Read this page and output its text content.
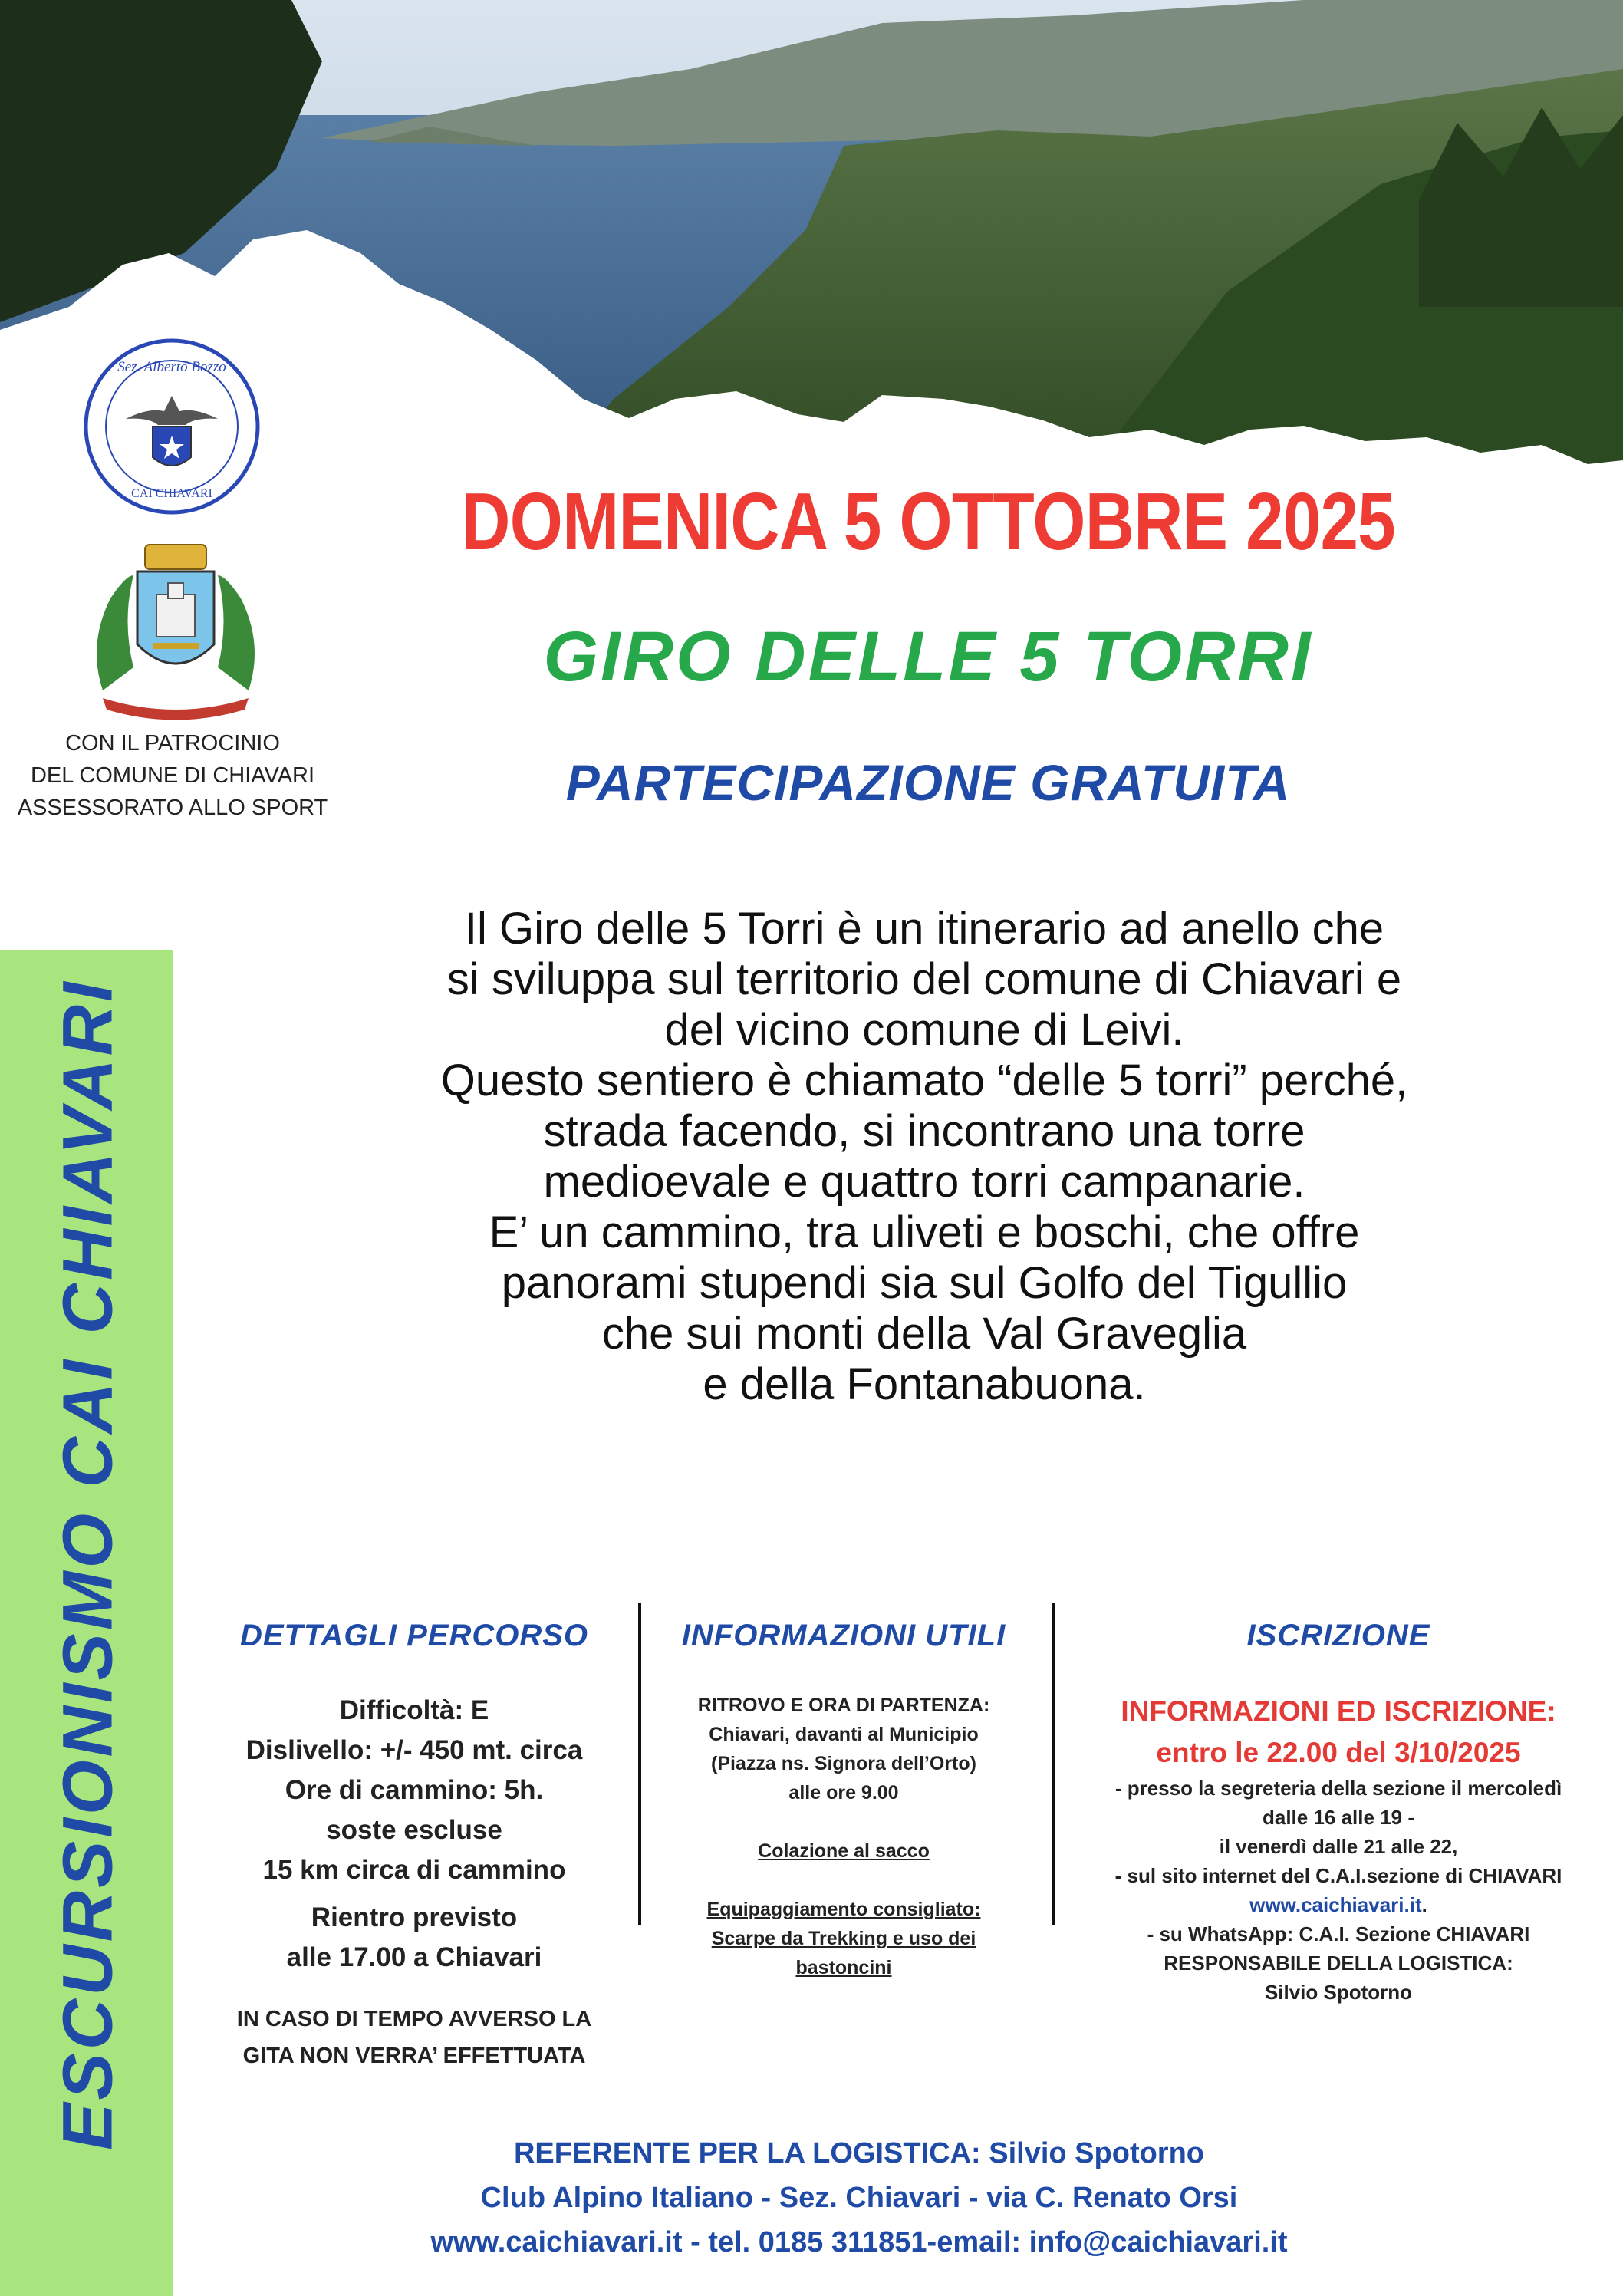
Sez. Alberto Bozzo
CAI CHIAVARI
CON IL PATROCINIO
DEL COMUNE DI CHIAVARI
ASSESSORATO ALLO SPORT
DOMENICA 5 OTTOBRE 2025
GIRO DELLE 5 TORRI
PARTECIPAZIONE GRATUITA
ESCURSIONISMO CAI CHIAVARI
Il Giro delle 5 Torri è un itinerario ad anello che
si sviluppa sul territorio del comune di Chiavari e
del vicino comune di Leivi.
Questo sentiero è chiamato “delle 5 torri” perché,
strada facendo, si incontrano una torre
medioevale e quattro torri campanarie.
E’ un cammino, tra uliveti e boschi, che offre
panorami stupendi sia sul Golfo del Tigullio
che sui monti della Val Graveglia
e della Fontanabuona.
DETTAGLI PERCORSO
Difficoltà: E
Dislivello: +/- 450 mt. circa
Ore di cammino: 5h.
soste escluse
15 km circa di cammino
Rientro previsto
alle 17.00 a Chiavari
IN CASO DI TEMPO AVVERSO LA
GITA NON VERRA’ EFFETTUATA
INFORMAZIONI UTILI
RITROVO E ORA DI PARTENZA:
Chiavari, davanti al Municipio
(Piazza ns. Signora dell’Orto)
alle ore 9.00
Colazione al sacco
Equipaggiamento consigliato:
Scarpe da Trekking e uso dei
bastoncini
ISCRIZIONE
INFORMAZIONI ED ISCRIZIONE:
entro le 22.00 del 3/10/2025
- presso la segreteria della sezione il mercoledì
dalle 16 alle 19 -
il venerdì dalle 21 alle 22,
- sul sito internet del C.A.I.sezione di CHIAVARI
www.caichiavari.it.
- su WhatsApp: C.A.I. Sezione CHIAVARI
RESPONSABILE DELLA LOGISTICA:
Silvio Spotorno
REFERENTE PER LA LOGISTICA: Silvio Spotorno
Club Alpino Italiano - Sez. Chiavari - via C. Renato Orsi
www.caichiavari.it - tel. 0185 311851-email: info@caichiavari.it
